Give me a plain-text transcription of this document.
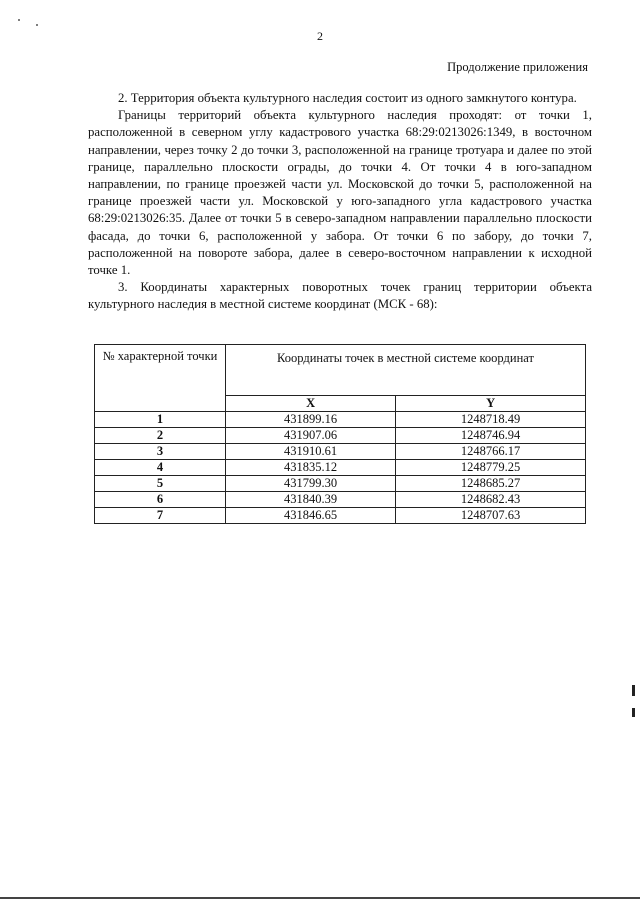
2
Продолжение приложения

2. Территория объекта культурного наследия состоит из одного замкнутого контура.

Границы территорий объекта культурного наследия проходят: от точки 1, расположенной в северном углу кадастрового участка 68:29:0213026:1349, в восточном направлении, через точку 2 до точки 3, расположенной на границе тротуара и далее по этой границе, параллельно плоскости ограды, до точки 4. От точки 4 в юго-западном направлении, по границе проезжей части ул. Московской до точки 5, расположенной на границе проезжей части ул. Московской у юго-западного угла кадастрового участка 68:29:0213026:35. Далее от точки 5 в северо-западном направлении параллельно плоскости фасада, до точки 6, расположенной у забора. От точки 6 по забору, до точки 7, расположенной на повороте забора, далее в северо-восточном направлении к исходной точке 1.

3. Координаты характерных поворотных точек границ территории объекта культурного наследия в местной системе координат (МСК - 68):

№ характерной точки	Координаты точек в местной системе координат	
	X	Y
1	431899.16	1248718.49
2	431907.06	1248746.94
3	431910.61	1248766.17
4	431835.12	1248779.25
5	431799.30	1248685.27
6	431840.39	1248682.43
7	431846.65	1248707.63
